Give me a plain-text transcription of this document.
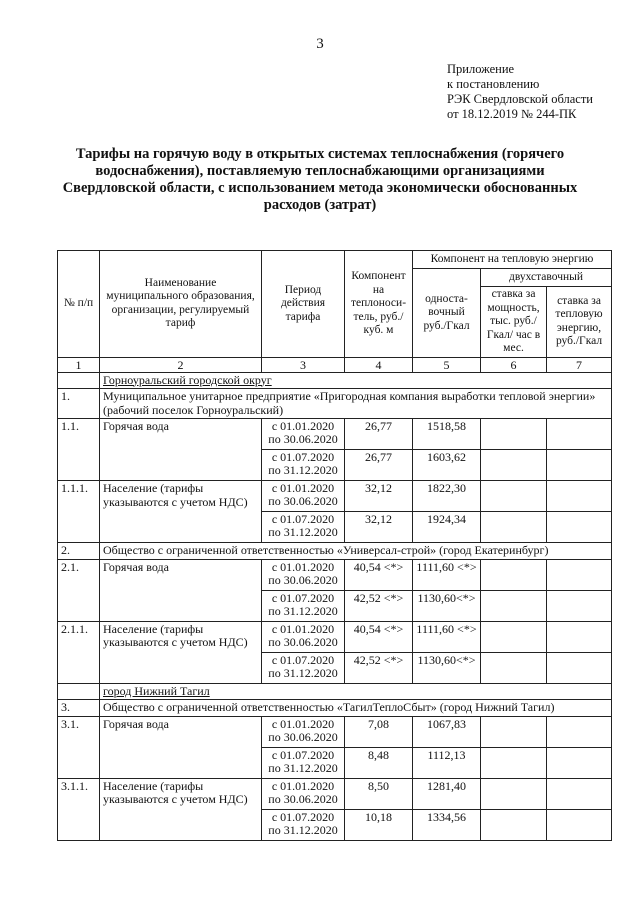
3
Приложение
к постановлению
РЭК Свердловской области
от 18.12.2019 № 244-ПК
Тарифы на горячую воду в открытых системах теплоснабжения (горячего водоснабжения), поставляемую теплоснабжающими организациями Свердловской области, с использованием метода экономически обоснованных расходов (затрат)
№ п/п	Наименование муниципального образования, организации, регулируемый тариф	Период действия тарифа	Компонент на теплоноси-тель, руб./куб. м	Компонент на тепловую энергию		
				односта-вочный руб./Гкал	двухставочный	
					ставка за мощность, тыс. руб./Гкал/ час в мес.	ставка за тепловую энергию, руб./Гкал
1	2	3	4	5	6	7
	Горноуральский городской округ					
1.	Муниципальное унитарное предприятие «Пригородная компания выработки тепловой энергии» (рабочий поселок Горноуральский)					
1.1.	Горячая вода	с 01.01.2020 по 30.06.2020	26,77	1518,58		
		с 01.07.2020 по 31.12.2020	26,77	1603,62		
1.1.1.	Население (тарифы указываются с учетом НДС)	с 01.01.2020 по 30.06.2020	32,12	1822,30		
		с 01.07.2020 по 31.12.2020	32,12	1924,34		
2.	Общество с ограниченной ответственностью «Универсал-строй» (город Екатеринбург)					
2.1.	Горячая вода	с 01.01.2020 по 30.06.2020	40,54 <*>	1111,60 <*>		
		с 01.07.2020 по 31.12.2020	42,52 <*>	1130,60<*>		
2.1.1.	Население (тарифы указываются с учетом НДС)	с 01.01.2020 по 30.06.2020	40,54 <*>	1111,60 <*>		
		с 01.07.2020 по 31.12.2020	42,52 <*>	1130,60<*>		
	город Нижний Тагил					
3.	Общество с ограниченной ответственностью «ТагилТеплоСбыт» (город Нижний Тагил)					
3.1.	Горячая вода	с 01.01.2020 по 30.06.2020	7,08	1067,83		
		с 01.07.2020 по 31.12.2020	8,48	1112,13		
3.1.1.	Население (тарифы указываются с учетом НДС)	с 01.01.2020 по 30.06.2020	8,50	1281,40		
		с 01.07.2020 по 31.12.2020	10,18	1334,56		
